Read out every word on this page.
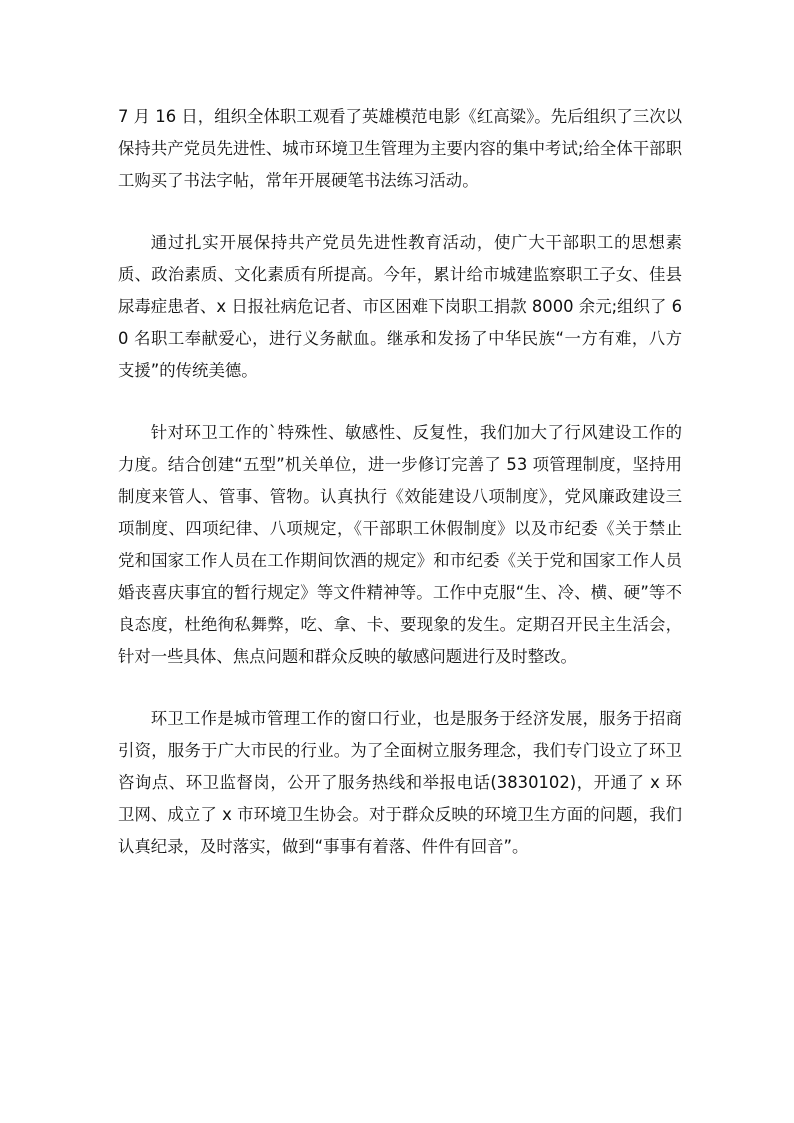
7 月 16 日，组织全体职工观看了英雄模范电影《红高粱》。先后组织了三次以保持共产党员先进性、城市环境卫生管理为主要内容的集中考试;给全体干部职工购买了书法字帖，常年开展硬笔书法练习活动。

通过扎实开展保持共产党员先进性教育活动，使广大干部职工的思想素质、政治素质、文化素质有所提高。今年，累计给市城建监察职工子女、佳县尿毒症患者、x 日报社病危记者、市区困难下岗职工捐款 8000 余元;组织了 60 名职工奉献爱心，进行义务献血。继承和发扬了中华民族“一方有难，八方支援”的传统美德。

针对环卫工作的`特殊性、敏感性、反复性，我们加大了行风建设工作的力度。结合创建“五型”机关单位，进一步修订完善了 53 项管理制度，坚持用制度来管人、管事、管物。认真执行《效能建设八项制度》，党风廉政建设三项制度、四项纪律、八项规定，《干部职工休假制度》以及市纪委《关于禁止党和国家工作人员在工作期间饮酒的规定》和市纪委《关于党和国家工作人员婚丧喜庆事宜的暂行规定》等文件精神等。工作中克服“生、冷、横、硬”等不良态度，杜绝徇私舞弊，吃、拿、卡、要现象的发生。定期召开民主生活会，针对一些具体、焦点问题和群众反映的敏感问题进行及时整改。

环卫工作是城市管理工作的窗口行业，也是服务于经济发展，服务于招商引资，服务于广大市民的行业。为了全面树立服务理念，我们专门设立了环卫咨询点、环卫监督岗，公开了服务热线和举报电话(3830102)，开通了 x 环卫网、成立了 x 市环境卫生协会。对于群众反映的环境卫生方面的问题，我们认真纪录，及时落实，做到“事事有着落、件件有回音”。
